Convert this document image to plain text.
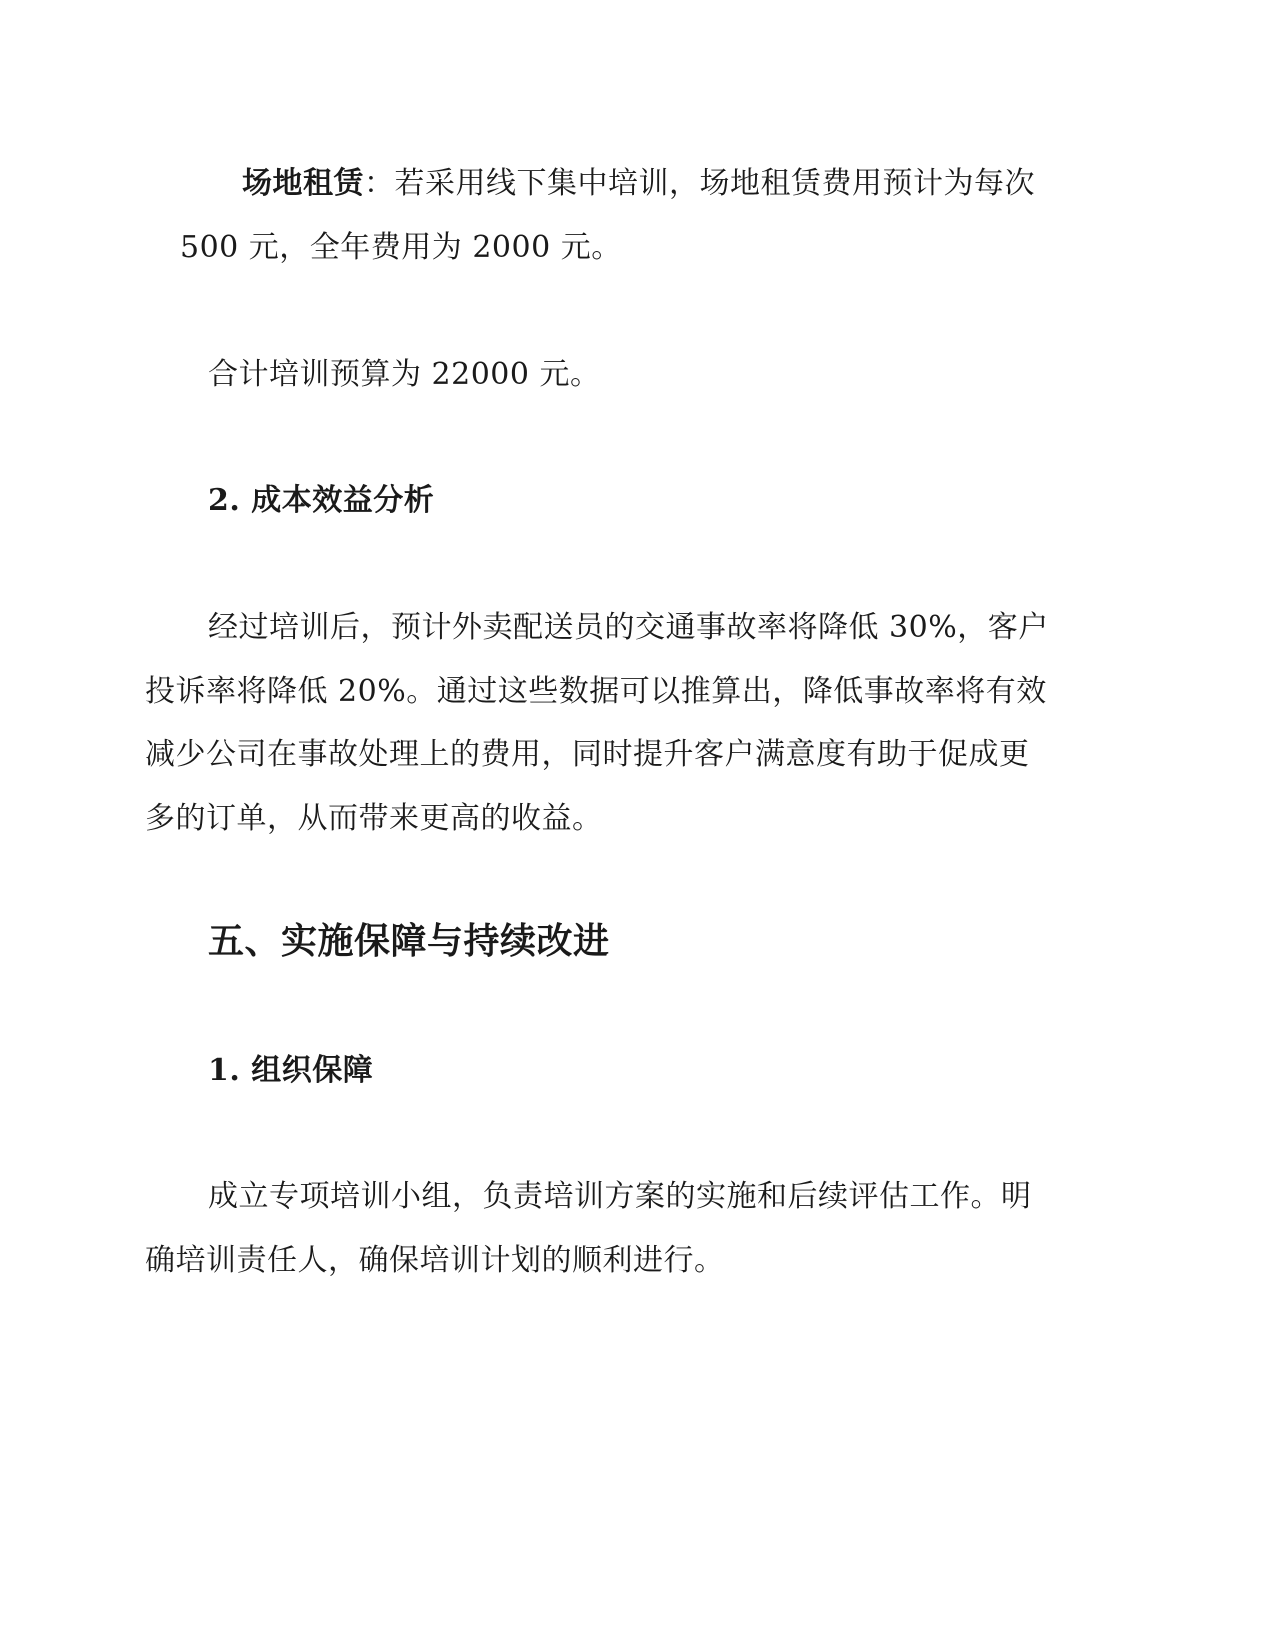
场地租赁：若采用线下集中培训，场地租赁费用预计为每次
500 元，全年费用为 2000 元。
合计培训预算为 22000 元。
2. 成本效益分析
经过培训后，预计外卖配送员的交通事故率将降低 30%，客户
投诉率将降低 20%。通过这些数据可以推算出，降低事故率将有效
减少公司在事故处理上的费用，同时提升客户满意度有助于促成更
多的订单，从而带来更高的收益。
五、实施保障与持续改进
1. 组织保障
成立专项培训小组，负责培训方案的实施和后续评估工作。明
确培训责任人，确保培训计划的顺利进行。
